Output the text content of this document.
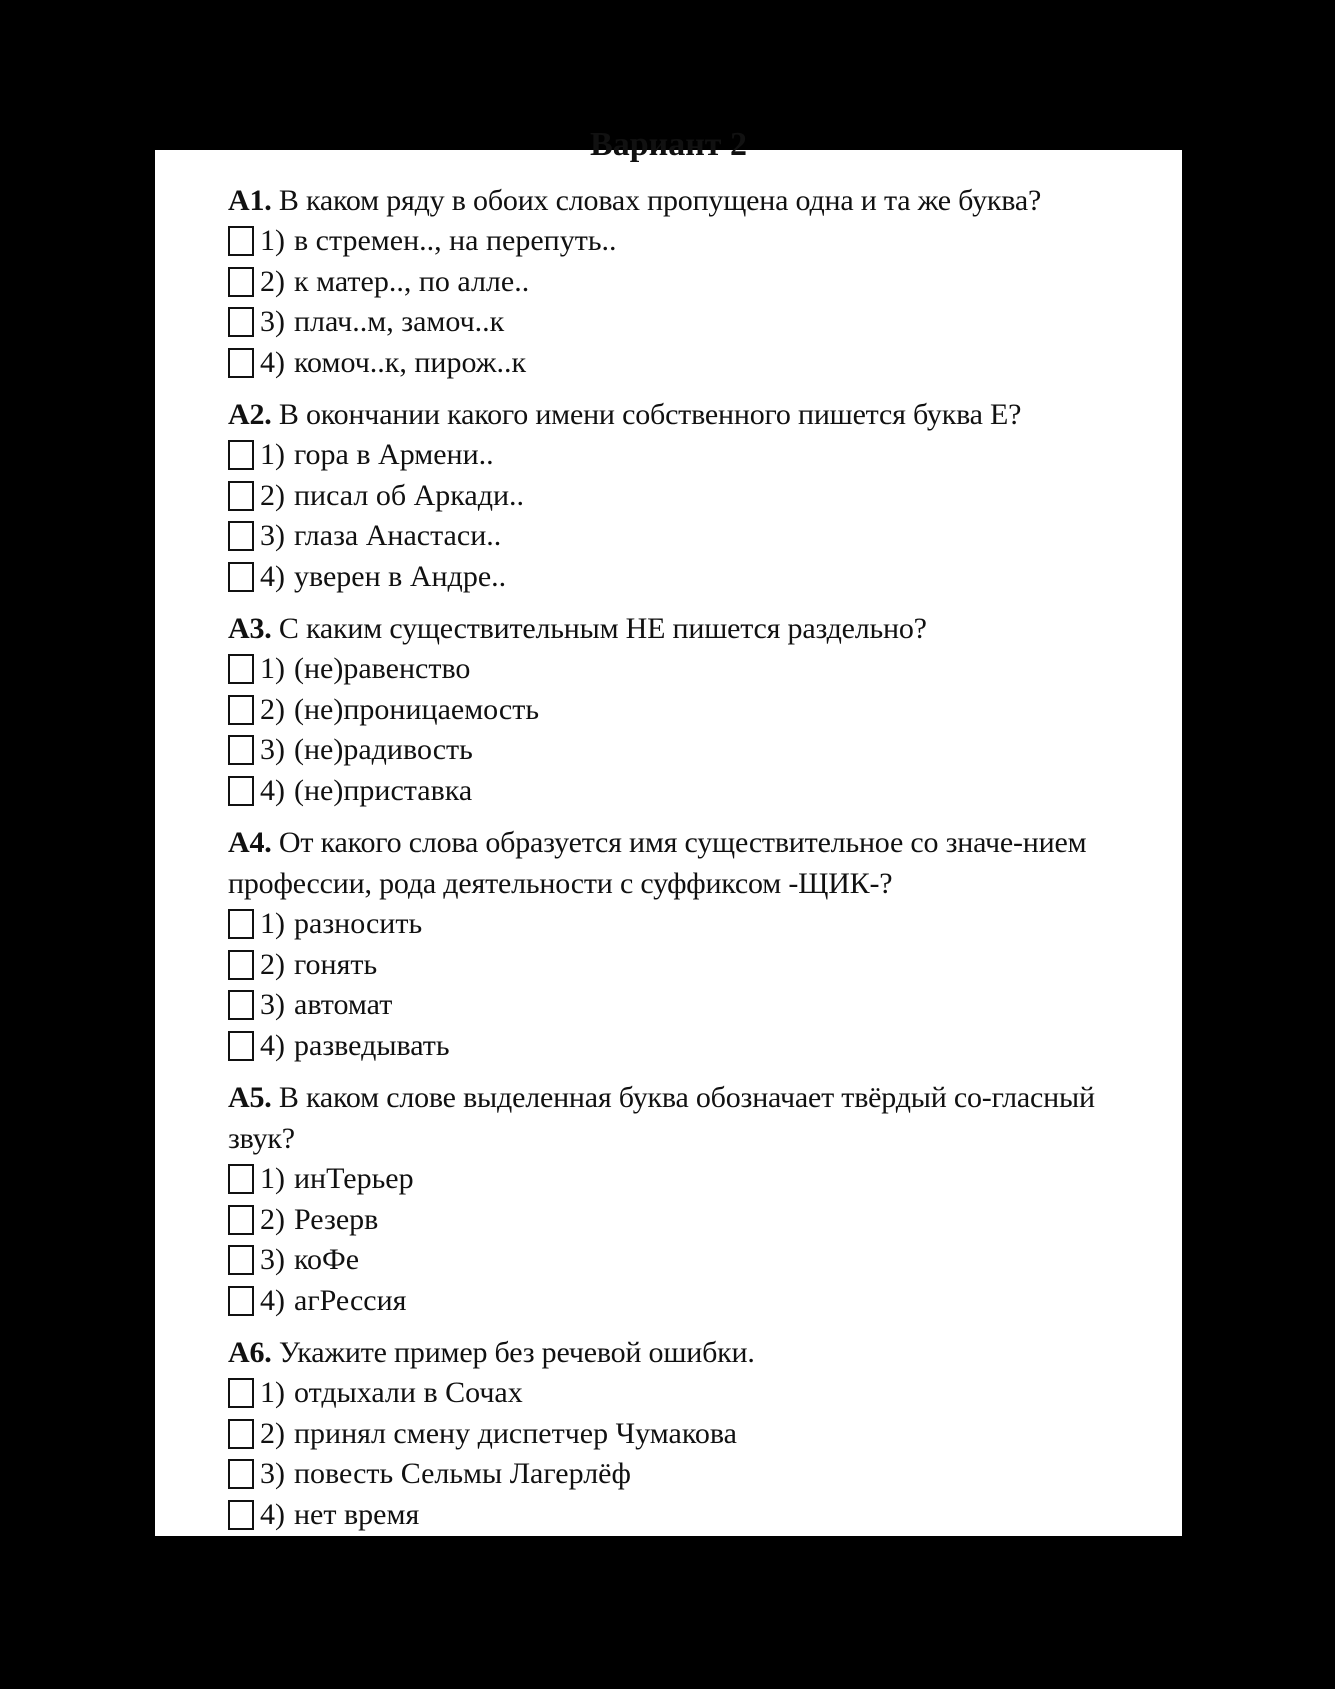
Вариант 2
A1. В каком ряду в обоих словах пропущена одна и та же буква?
1) в стремен.., на перепуть..
2) к матер.., по алле..
3) плач..м, замоч..к
4) комоч..к, пирож..к
A2. В окончании какого имени собственного пишется буква Е?
1) гора в Армени..
2) писал об Аркади..
3) глаза Анастаси..
4) уверен в Андре..
A3. С каким существительным НЕ пишется раздельно?
1) (не)равенство
2) (не)проницаемость
3) (не)радивость
4) (не)приставка
A4. От какого слова образуется имя существительное со значе-нием профессии, рода деятельности с суффиксом -ЩИК-?
1) разносить
2) гонять
3) автомат
4) разведывать
A5. В каком слове выделенная буква обозначает твёрдый со-гласный звук?
1) инТерьер
2) Резерв
3) коФе
4) агРессия
A6. Укажите пример без речевой ошибки.
1) отдыхали в Сочах
2) принял смену диспетчер Чумакова
3) повесть Сельмы Лагерлёф
4) нет время
